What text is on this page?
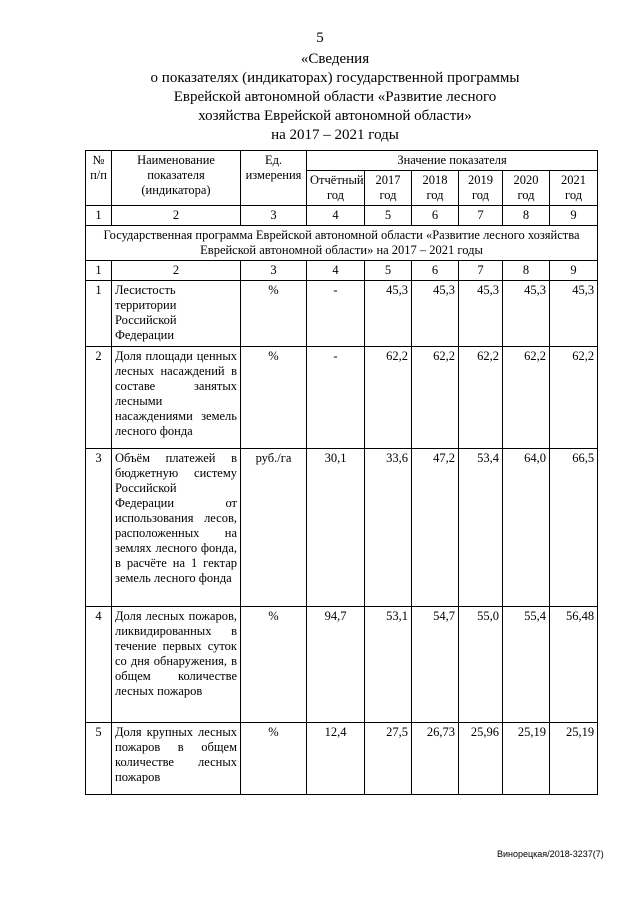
5
«Сведения
о показателях (индикаторах) государственной программы
Еврейской автономной области «Развитие лесного
хозяйства Еврейской автономной области»
на 2017 – 2021 годы
№ п/п	Наименование показателя (индикатора)	Ед. измерения	Значение показателя					
			Отчётный год	2017 год	2018 год	2019 год	2020 год	2021 год
1	2	3	4	5	6	7	8	9
Государственная программа Еврейской автономной области «Развитие лесного хозяйства Еврейской автономной области» на 2017 – 2021 годы								
1	2	3	4	5	6	7	8	9
1	Лесистость территории Российской Федерации	%	-	45,3	45,3	45,3	45,3	45,3
2	Доля площади ценных лесных насаждений в составе занятых лесными насаждениями земель лесного фонда	%	-	62,2	62,2	62,2	62,2	62,2
3	Объём платежей в бюджетную систему Российской Федерации от использования лесов, расположенных на землях лесного фонда, в расчёте на 1 гектар земель лесного фонда	руб./га	30,1	33,6	47,2	53,4	64,0	66,5
4	Доля лесных пожаров, ликвидированных в течение первых суток со дня обнаружения, в общем количестве лесных пожаров	%	94,7	53,1	54,7	55,0	55,4	56,48
5	Доля крупных лесных пожаров в общем количестве лесных пожаров	%	12,4	27,5	26,73	25,96	25,19	25,19
Винорецкая/2018-3237(7)
